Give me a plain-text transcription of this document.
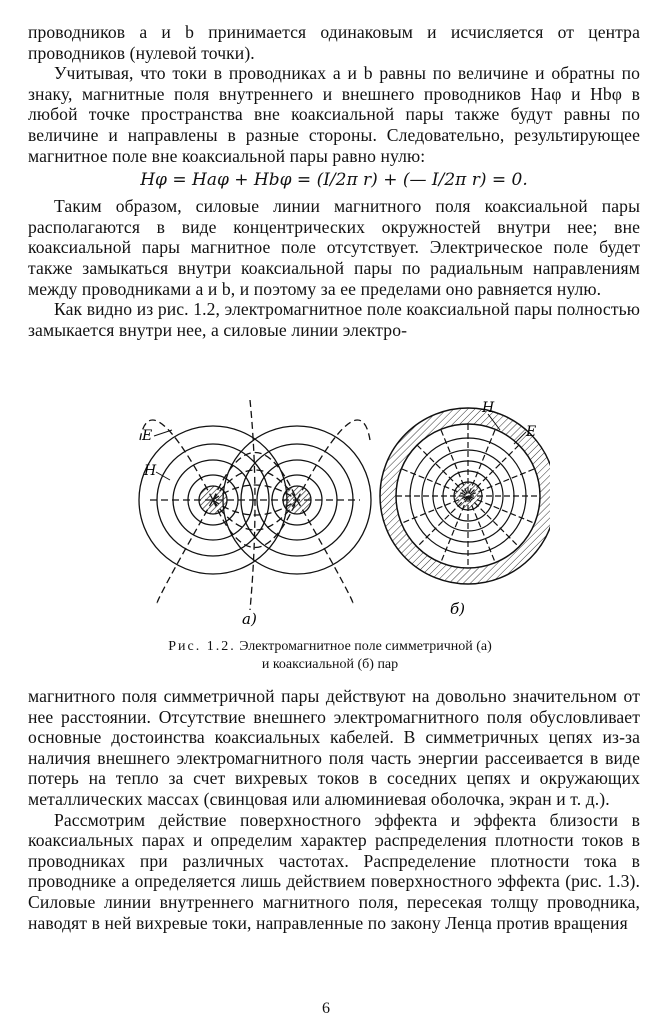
проводников a и b принимается одинаковым и исчисляется от центра проводников (нулевой точки).

Учитывая, что токи в проводниках a и b равны по величине и обратны по знаку, магнитные поля внутреннего и внешнего проводников Haφ и Hbφ в любой точке пространства вне коаксиальной пары также будут равны по величине и направлены в разные стороны. Следовательно, результирующее магнитное поле вне коаксиальной пары равно нулю:

Hφ = Haφ + Hbφ = (I/2π r) + (— I/2π r) = 0.

Таким образом, силовые линии магнитного поля коаксиальной пары располагаются в виде концентрических окружностей внутри нее; вне коаксиальной пары магнитное поле отсутствует. Электрическое поле будет также замыкаться внутри коаксиальной пары по радиальным направлениям между проводниками a и b, и поэтому за ее пределами оно равняется нулю.

Как видно из рис. 1.2, электромагнитное поле коаксиальной пары полностью замыкается внутри нее, а силовые линии электро-

E
H
а)
H
E
б)
Рис. 1.2. Электромагнитное поле симметричной (а)
и коаксиальной (б) пар

магнитного поля симметричной пары действуют на довольно значительном от нее расстоянии. Отсутствие внешнего электромагнитного поля обусловливает основные достоинства коаксиальных кабелей. В симметричных цепях из-за наличия внешнего электромагнитного поля часть энергии рассеивается в виде потерь на тепло за счет вихревых токов в соседних цепях и окружающих металлических массах (свинцовая или алюминиевая оболочка, экран и т. д.).

Рассмотрим действие поверхностного эффекта и эффекта близости в коаксиальных парах и определим характер распределения плотности токов в проводниках при различных частотах. Распределение плотности тока в проводнике a определяется лишь действием поверхностного эффекта (рис. 1.3). Силовые линии внутреннего магнитного поля, пересекая толщу проводника, наводят в ней вихревые токи, направленные по закону Ленца против вращения

6
